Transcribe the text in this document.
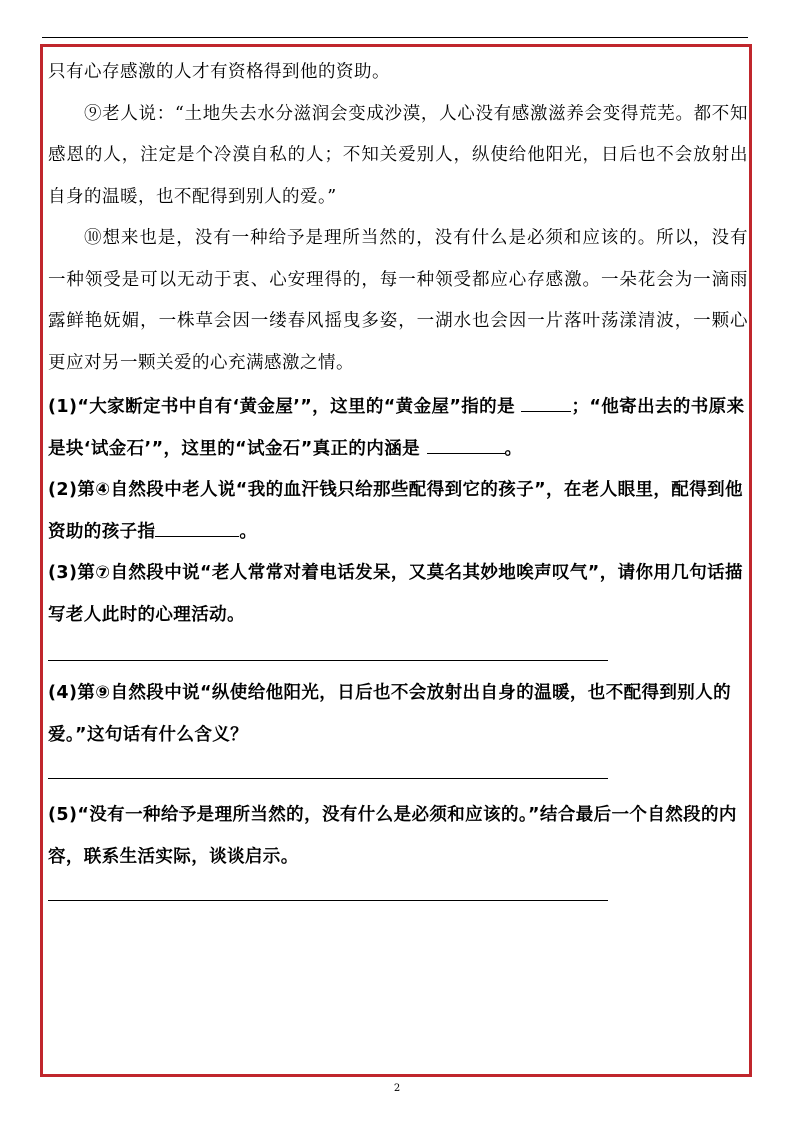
只有心存感激的人才有资格得到他的资助。

⑨老人说：“土地失去水分滋润会变成沙漠，人心没有感激滋养会变得荒芜。都不知感恩的人，注定是个冷漠自私的人；不知关爱别人，纵使给他阳光，日后也不会放射出自身的温暖，也不配得到别人的爱。”

⑩想来也是，没有一种给予是理所当然的，没有什么是必须和应该的。所以，没有一种领受是可以无动于衷、心安理得的，每一种领受都应心存感激。一朵花会为一滴雨露鲜艳妩媚，一株草会因一缕春风摇曳多姿，一湖水也会因一片落叶荡漾清波，一颗心更应对另一颗关爱的心充满感激之情。

(1)“大家断定书中自有‘黄金屋’”，这里的“黄金屋”指的是	；“他寄出去的书原来是块‘试金石’”，这里的“试金石”真正的内涵是	。

(2)第④自然段中老人说“我的血汗钱只给那些配得到它的孩子”，在老人眼里，配得到他资助的孩子指	。

(3)第⑦自然段中说“老人常常对着电话发呆，又莫名其妙地唉声叹气”，请你用几句话描写老人此时的心理活动。

(4)第⑨自然段中说“纵使给他阳光，日后也不会放射出自身的温暖，也不配得到别人的爱。”这句话有什么含义？

(5)“没有一种给予是理所当然的，没有什么是必须和应该的。”结合最后一个自然段的内容，联系生活实际，谈谈启示。

2
